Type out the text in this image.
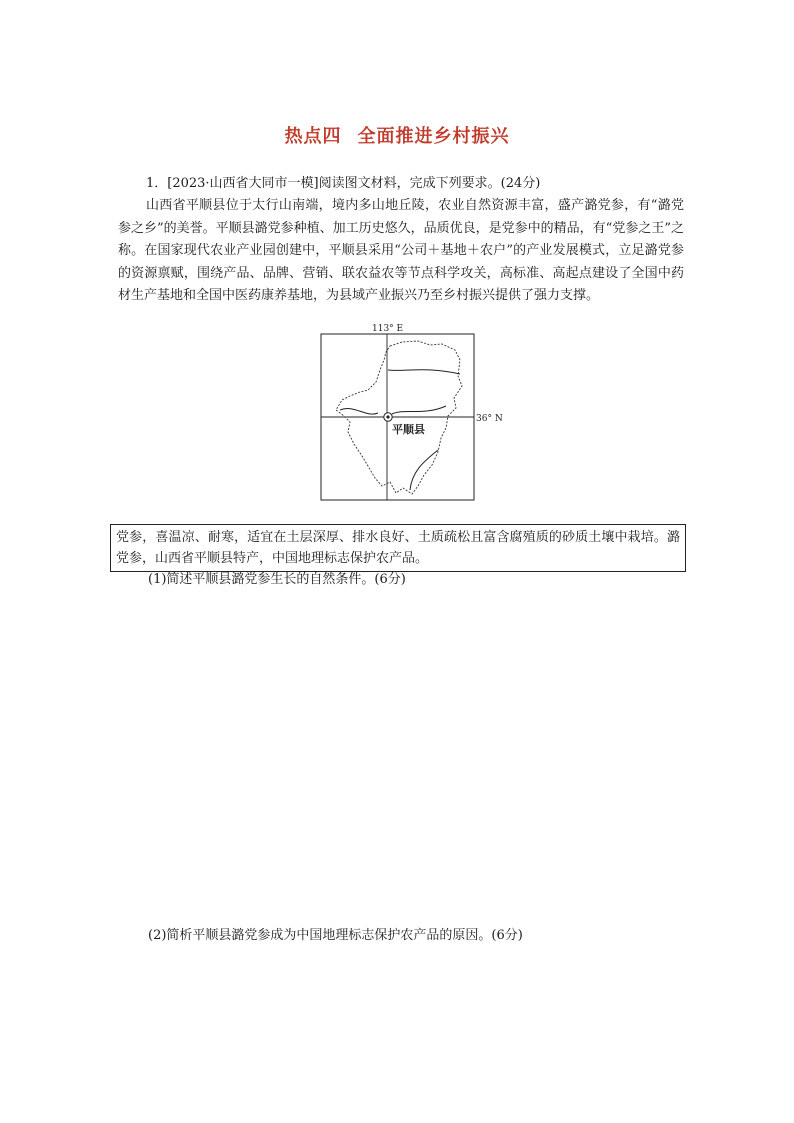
热点四 全面推进乡村振兴
1．[2023·山西省大同市一模]阅读图文材料，完成下列要求。(24分)
山西省平顺县位于太行山南端，境内多山地丘陵，农业自然资源丰富，盛产潞党参，有“潞党参之乡”的美誉。平顺县潞党参种植、加工历史悠久，品质优良，是党参中的精品，有“党参之王”之称。在国家现代农业产业园创建中，平顺县采用“公司＋基地＋农户”的产业发展模式，立足潞党参的资源禀赋，围绕产品、品牌、营销、联农益农等节点科学攻关，高标准、高起点建设了全国中药材生产基地和全国中医药康养基地，为县域产业振兴乃至乡村振兴提供了强力支撑。
113° E
36° N
平顺县
党参，喜温凉、耐寒，适宜在土层深厚、排水良好、土质疏松且富含腐殖质的砂质土壤中栽培。潞党参，山西省平顺县特产，中国地理标志保护农产品。
(1)简述平顺县潞党参生长的自然条件。(6分)
(2)简析平顺县潞党参成为中国地理标志保护农产品的原因。(6分)
